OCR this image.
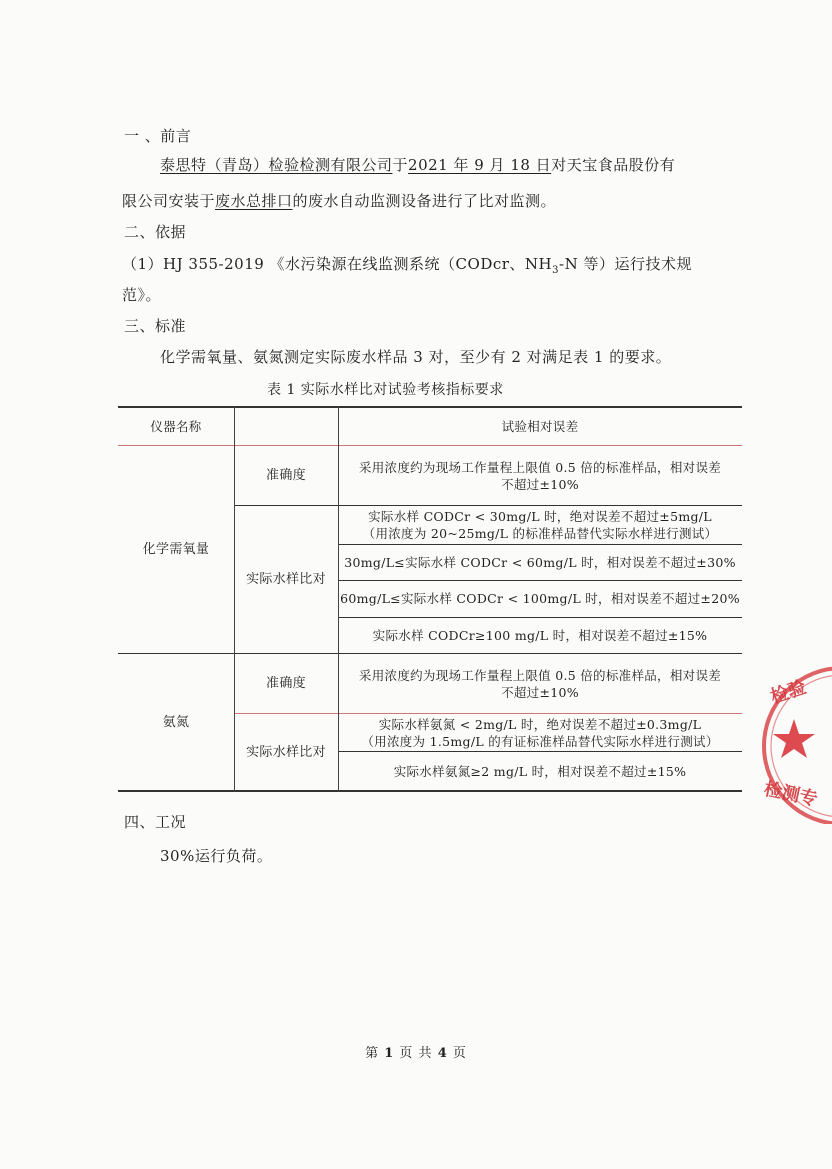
一 、前言
泰思特（青岛）检验检测有限公司于2021 年 9 月 18 日对天宝食品股份有
限公司安装于废水总排口的废水自动监测设备进行了比对监测。
二、依据
（1）HJ 355-2019 《水污染源在线监测系统（CODcr、$NH_3-N$ 等）运行技术规
范》。
三、标准
化学需氧量、氨氮测定实际废水样品 3 对，至少有 2 对满足表 1 的要求。
表 1 实际水样比对试验考核指标要求
仪器名称	试验相对误差
化学需氧量
准确度
采用浓度约为现场工作量程上限值 0.5 倍的标准样品，相对误差
不超过±10%
实际水样比对
实际水样 CODCr < 30mg/L 时，绝对误差不超过±5mg/L
（用浓度为 20~25mg/L 的标准样品替代实际水样进行测试）
30mg/L≤实际水样 CODCr < 60mg/L 时，相对误差不超过±30%
60mg/L≤实际水样 CODCr < 100mg/L 时，相对误差不超过±20%
实际水样 CODCr≥100 mg/L 时，相对误差不超过±15%
氨氮
准确度
采用浓度约为现场工作量程上限值 0.5 倍的标准样品，相对误差
不超过±10%
实际水样比对
实际水样氨氮 < 2mg/L 时，绝对误差不超过±0.3mg/L
（用浓度为 1.5mg/L 的有证标准样品替代实际水样进行测试）
实际水样氨氮≥2 mg/L 时，相对误差不超过±15%
四、工况
30%运行负荷。
检验
检测专
第 1 页 共 4 页
